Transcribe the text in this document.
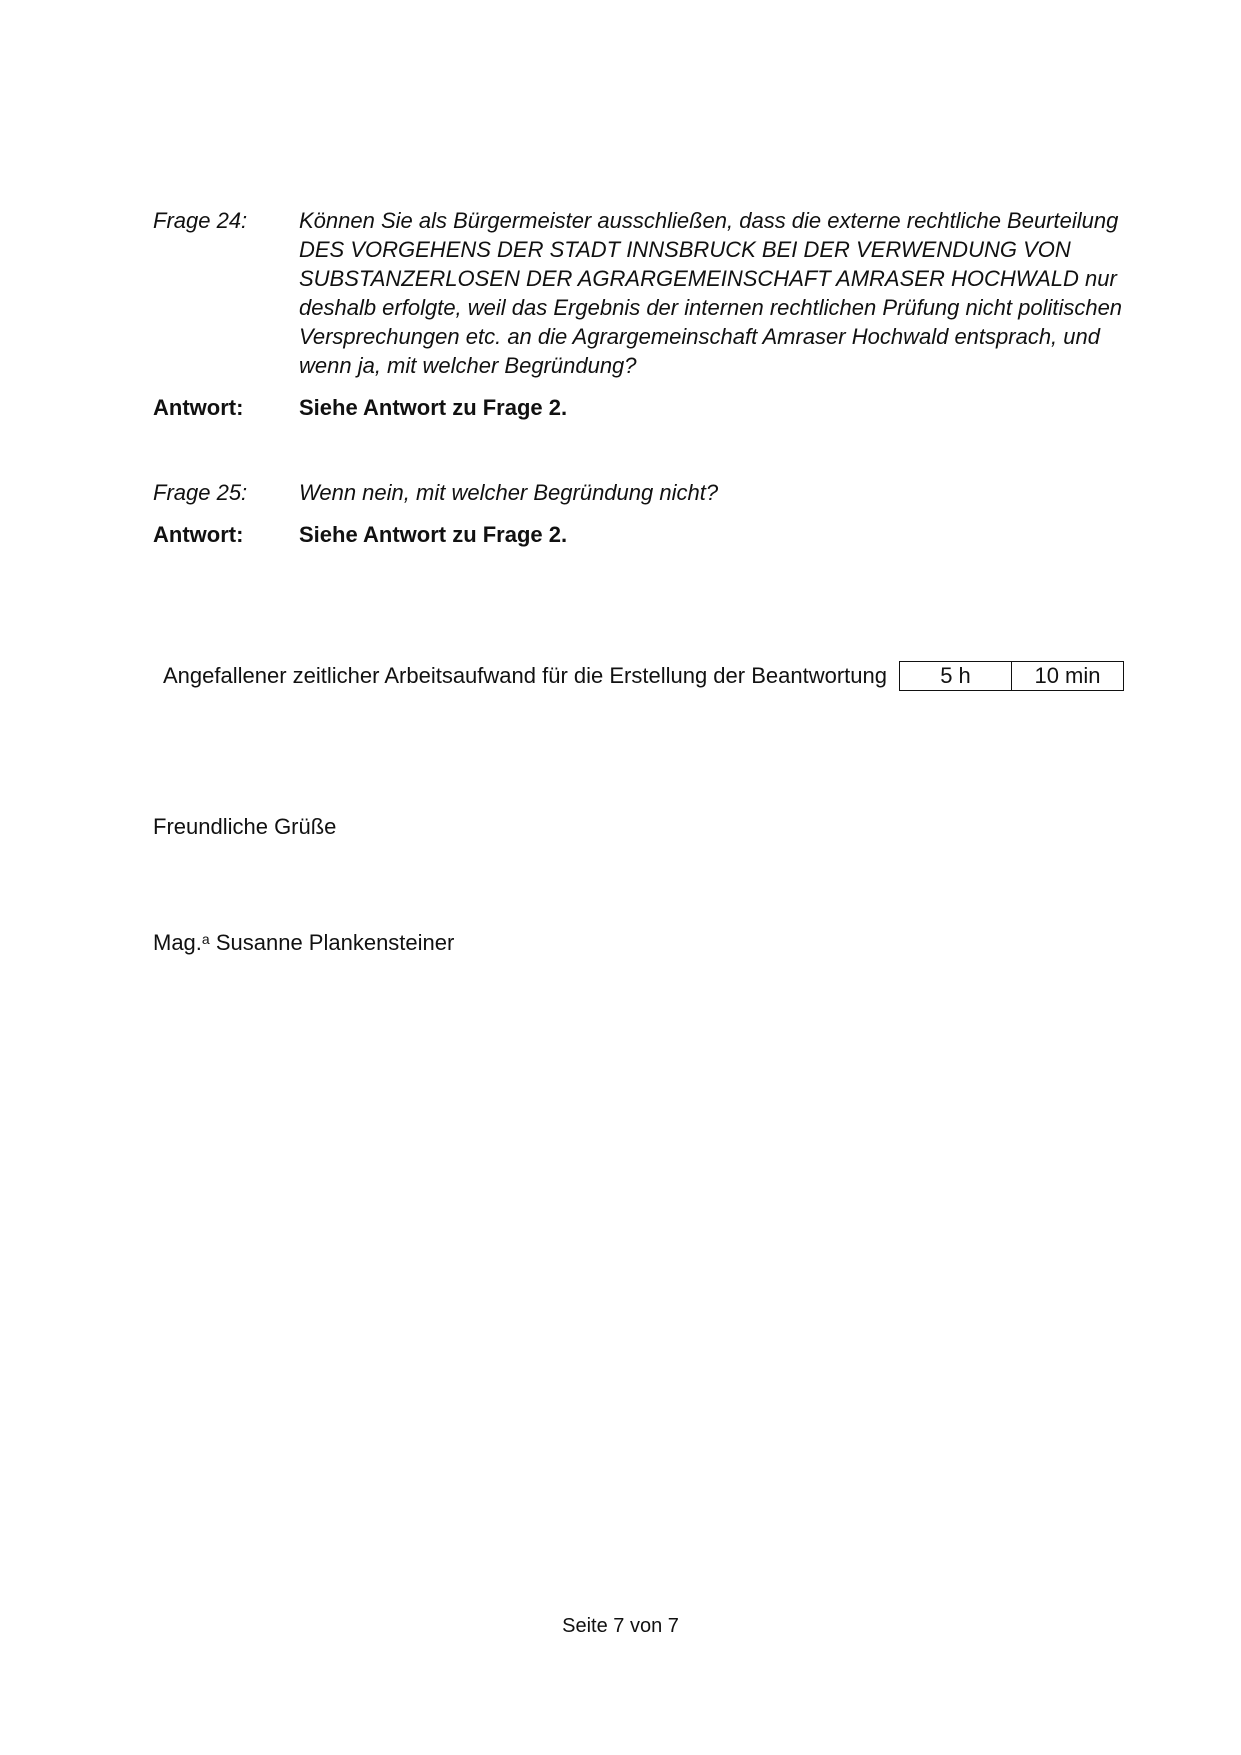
Frage 24:	Können Sie als Bürgermeister ausschließen, dass die externe rechtliche Beurteilung DES VORGEHENS DER STADT INNSBRUCK BEI DER VERWENDUNG VON SUBSTANZERLOSEN DER AGRARGEMEINSCHAFT AMRASER HOCHWALD nur deshalb erfolgte, weil das Ergebnis der internen rechtlichen Prüfung nicht politischen Versprechungen etc. an die Agrargemeinschaft Amraser Hochwald entsprach, und wenn ja, mit welcher Begründung?
Antwort:	Siehe Antwort zu Frage 2.
Frage 25:	Wenn nein, mit welcher Begründung nicht?
Antwort:	Siehe Antwort zu Frage 2.
Angefallener zeitlicher Arbeitsaufwand für die Erstellung der Beantwortung	5 h	10 min
Freundliche Grüße
Mag.$^a$ Susanne Plankensteiner
Seite 7 von 7
